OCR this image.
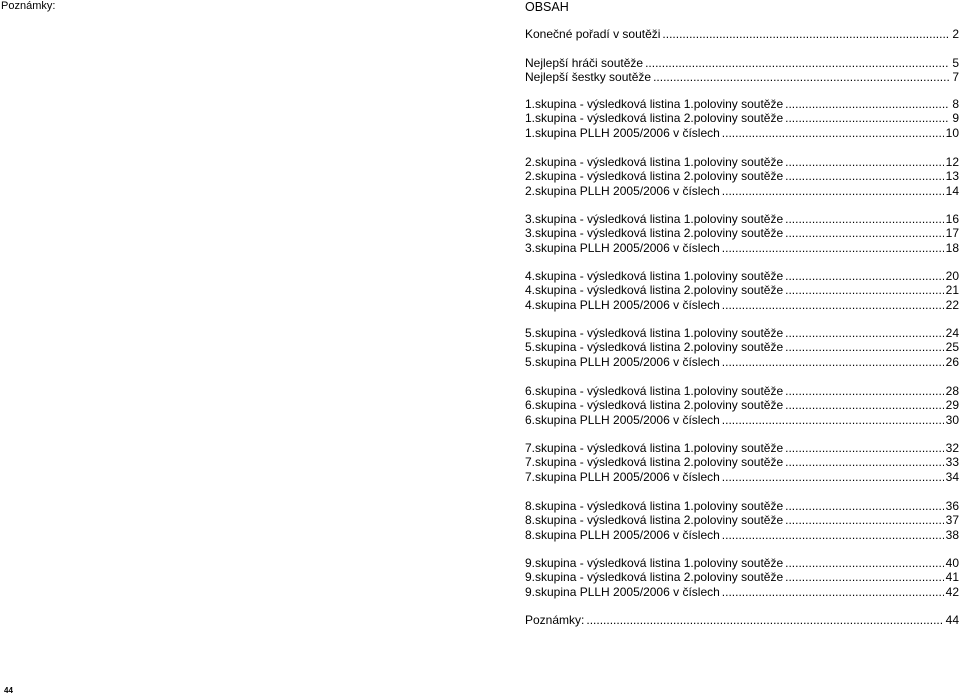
Poznámky:	OBSAH
Konečné pořadí v soutěži .....	2
Nejlepší hráči soutěže .....	5
Nejlepší šestky soutěže .....	7
1.skupina - výsledková listina 1.poloviny soutěže .....	8
1.skupina - výsledková listina 2.poloviny soutěže .....	9
1.skupina PLLH 2005/2006 v číslech .....	10
2.skupina - výsledková listina 1.poloviny soutěže .....	12
2.skupina - výsledková listina 2.poloviny soutěže .....	13
2.skupina PLLH 2005/2006 v číslech .....	14
3.skupina - výsledková listina 1.poloviny soutěže .....	16
3.skupina - výsledková listina 2.poloviny soutěže .....	17
3.skupina PLLH 2005/2006 v číslech .....	18
4.skupina - výsledková listina 1.poloviny soutěže .....	20
4.skupina - výsledková listina 2.poloviny soutěže .....	21
4.skupina PLLH 2005/2006 v číslech .....	22
5.skupina - výsledková listina 1.poloviny soutěže .....	24
5.skupina - výsledková listina 2.poloviny soutěže .....	25
5.skupina PLLH 2005/2006 v číslech .....	26
6.skupina - výsledková listina 1.poloviny soutěže .....	28
6.skupina - výsledková listina 2.poloviny soutěže .....	29
6.skupina PLLH 2005/2006 v číslech .....	30
7.skupina - výsledková listina 1.poloviny soutěže .....	32
7.skupina - výsledková listina 2.poloviny soutěže .....	33
7.skupina PLLH 2005/2006 v číslech .....	34
8.skupina - výsledková listina 1.poloviny soutěže .....	36
8.skupina - výsledková listina 2.poloviny soutěže .....	37
8.skupina PLLH 2005/2006 v číslech .....	38
9.skupina - výsledková listina 1.poloviny soutěže .....	40
9.skupina - výsledková listina 2.poloviny soutěže .....	41
9.skupina PLLH 2005/2006 v číslech .....	42
Poznámky: .....	44
44
